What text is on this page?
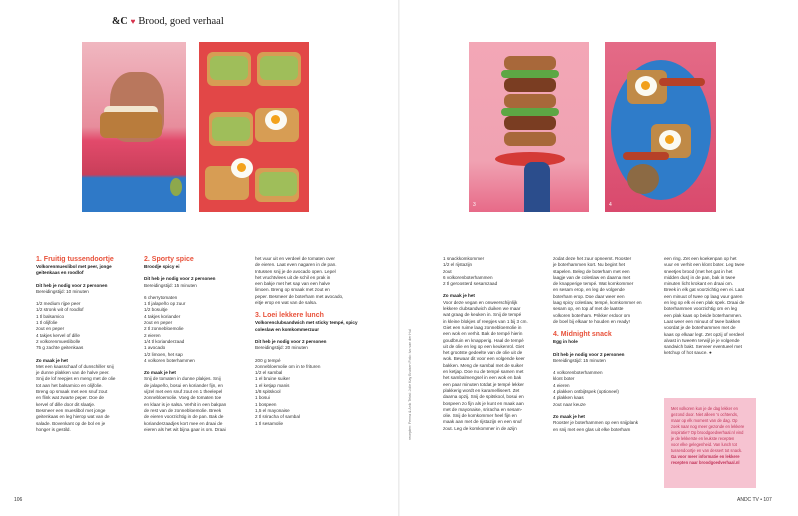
&C ♥ Brood, goed verhaal
3	4
1. Fruitig tussendoortje

Volkorenmueslibol met peer, jonge geitenkaas en roodlof

Dit heb je nodig voor 2 personen

Bereidingstijd: 10 minuten

1/2 medium rijpe peer

1/2 stronk wit of roodlof

1 tl balsamico

1 tl olijfolie

zout en peper

4 takjes kervel of dille

2 volkorenmueslibolle

75 g zachte geitenkaas

Zo maak je het

Met een kaasschaaf of dunschiller snij

je dunne plakken van de halve peer.

Snij de lof reepjes en meng met de olie

tot aan het balsamico en olijfolie.

Breng op smaak met een snuf zout

en flink wat zwarte peper. Doe de

kervel of dille door dit slaatje.

Besmeer een mueslibol met jonge

geitenkaas en leg hierop wat van de

salade. Bovenkant op de bol en je

honger is gestild.

2. Sporty spice

Broodje spicy ei

Dit heb je nodig voor 2 personen

Bereidingstijd: 15 minuten

6 cherrytomaten

1 tl jalapeño op zuur

1/2 bosuitje

4 takjes koriander

zout en peper

2 tl zonnebloemolie

2 eieren

1/4 tl korianderzaad

1 avocado

1/2 limoen, het sap

4 volkoren boterhammen

Zo maak je het

Snij de tomaten in dunne plakjes. Snij

de jalapeño, bosui en koriander fijn, en

vijzel met een snuf zout en 1 theelepel

zonnebloemolie. Voeg de tomaten toe

en klaar is je salsa. Verhit in een bakpan

de rest van de zonnebloemolie. Breek

de eieren voorzichtig in de pan. Bak de

korianderzaadjes kort mee en draai de

eieren als het wit bijna gaar is om. Draai

het vuur uit en verdeel de tomaten over

de eieren. Laat even nagaren in de pan.

Intussen snij je de avocado open. Lepel

het vruchtvlees uit de schil en prak in

een bakje met het sap van een halve

limoen. Breng op smaak met zout en

peper. Besmeer de boterham met avocado,

eitje erop en wat van de salsa.

3. Loei lekkere lunch

Volkorenclubsandwich met sticky tempé, spicy coleslaw en komkommerzuur

Dit heb je nodig voor 2 personen

Bereidingstijd: 20 minuten

200 g tempé

zonnebloemolie om in te frituren

1/2 el sambal

1 el bruine suiker

1 el ketjap manis

1/8 spitskool

1 bosui

1 bospeen

1,5 el mayonaise

2 tl sriracha of sambal

1 tl sesamolie	recepten: Fenna & Anik Tekst: Jolie Kay Bruisen Foto: Ivo van der Hul

1 snackkomkommer

1/2 el rijstazijn

zout

6 volkorenboterhammen

2 tl geroosterd sesamzaad

Zo maak je het

Voor deze vegan en onweerschijnlijk

lekkere clubsandwich duiken we maar

wat graag de keuken in. Snij de tempé

in kleine blokjes of reepjes van 1 bij 3 cm.

Giet een ruime laag zonnebloemolie in

een wok en verhit. Bak de tempé hierin

goudbruin en knapperig. Haal de tempé

uit de olie en leg op een keukenrol. Giet

het grootste gedeelte van de olie uit de

wok. Bewaar dit voor een volgende keer

bakken. Meng de sambal met de suiker

en ketjap. Doe nu de tempé samen met

het sambalmengsel in een wok en bak

een paar minuten totdat je tempé lekker

plakkerig wordt en karamelliseert. Zet

daarna opzij. Snij de spitskool, bosui en

bospeen zo fijn als je kunt en maak aan

met de mayonaise, sriracha en sesam-

olie. Snij de komkommer heel fijn en

maak aan met de rijstazijn en een snuf

zout. Leg de komkommer in de azijn

zodat deze het zuur opneemt. Rooster

je boterhammen kort. Nu begint het

stapelen. Beleg de boterham met een

laagje van de coleslaw en daarna met

de knapperige tempé. Wat komkommer

en sesam erop, en leg de volgende

boterham erop. Doe daar weer een

laag spicy coleslaw, tempé, komkommer en

sesam op, en top af met de laatste

volkoren boterham. Prikker erdoor om

de boel bij elkaar te houden en ready!

4. Midnight snack

Egg in hole

Dit heb je nodig voor 2 personen

Bereidingstijd: 15 minuten

4 volkorenboterhammen

klont boter

4 eieren

4 plakken ontbijtspek (optioneel)

4 plakken kaas

zout naar keuze

Zo maak je het

Rooster je boterhammen op een snijplank

en snij met een glas uit elke boterham

een ring. Zet een koekenpan op het

vuur en verhit een klont boter. Leg twee

sneetjes brood (met het gat in het

midden dus) in de pan, bak in twee

minuten licht krokant en draai om.

Breek in elk gat voorzichtig een ei. Laat

een minuut of twee op laag vuur garen

en leg op elk ei een plak spek. Draai de

boterhammen voorzichtig om en leg

een plak kaas op beide boterhammen.

Laat weer een minuut of twee bakken

voordat je de boterhammen met de

kaas op elkaar legt. Zet opzij of verdeel

alvast in tweeën terwijl je je volgende

sandwich bakt. Serveer eventueel met

ketchup of hot sauce. ●

Met volkoren kun je de dag lekker en

gezond door. Niet alleen 's ochtends,

maar op elk moment van de dag. Op

zoek naar nog meer gezonde en lekkere

inspiratie? Op broodgoedverhaal.nl vind

je de lekkerste en leukste recepten

voor elke gelegenheid. Van lunch tot

tussendoortje en van dessert tot snack.

Ga voor meer informatie en lekkere recepten naar broodgoedverhaal.nl

106	ANDC TV • 107
